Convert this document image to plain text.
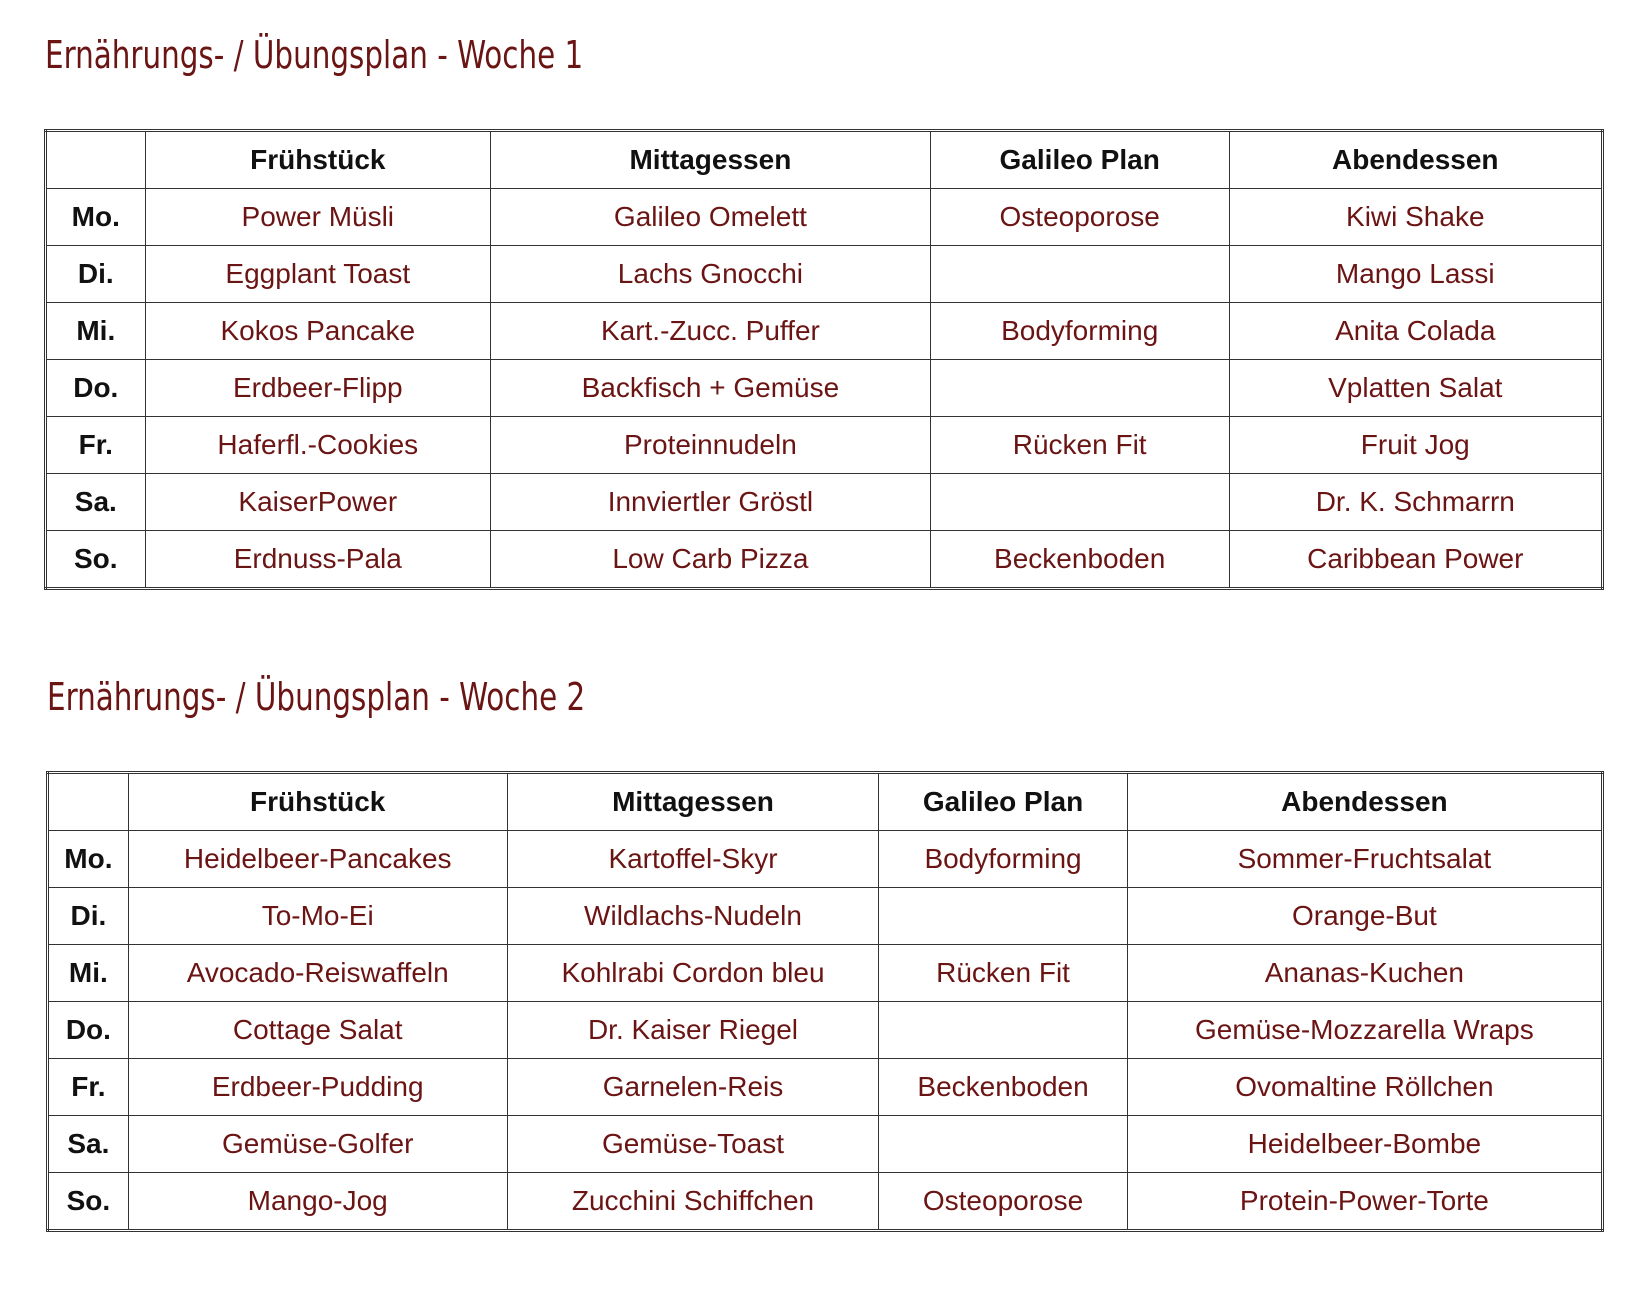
Ernährungs- / Übungsplan - Woche 1
	Frühstück	Mittagessen	Galileo Plan	Abendessen
Mo.	Power Müsli	Galileo Omelett	Osteoporose	Kiwi Shake
Di.	Eggplant Toast	Lachs Gnocchi		Mango Lassi
Mi.	Kokos Pancake	Kart.-Zucc. Puffer	Bodyforming	Anita Colada
Do.	Erdbeer-Flipp	Backfisch + Gemüse		Vplatten Salat
Fr.	Haferfl.-Cookies	Proteinnudeln	Rücken Fit	Fruit Jog
Sa.	KaiserPower	Innviertler Gröstl		Dr. K. Schmarrn
So.	Erdnuss-Pala	Low Carb Pizza	Beckenboden	Caribbean Power
Ernährungs- / Übungsplan - Woche 2
	Frühstück	Mittagessen	Galileo Plan	Abendessen
Mo.	Heidelbeer-Pancakes	Kartoffel-Skyr	Bodyforming	Sommer-Fruchtsalat
Di.	To-Mo-Ei	Wildlachs-Nudeln		Orange-But
Mi.	Avocado-Reiswaffeln	Kohlrabi Cordon bleu	Rücken Fit	Ananas-Kuchen
Do.	Cottage Salat	Dr. Kaiser Riegel		Gemüse-Mozzarella Wraps
Fr.	Erdbeer-Pudding	Garnelen-Reis	Beckenboden	Ovomaltine Röllchen
Sa.	Gemüse-Golfer	Gemüse-Toast		Heidelbeer-Bombe
So.	Mango-Jog	Zucchini Schiffchen	Osteoporose	Protein-Power-Torte
